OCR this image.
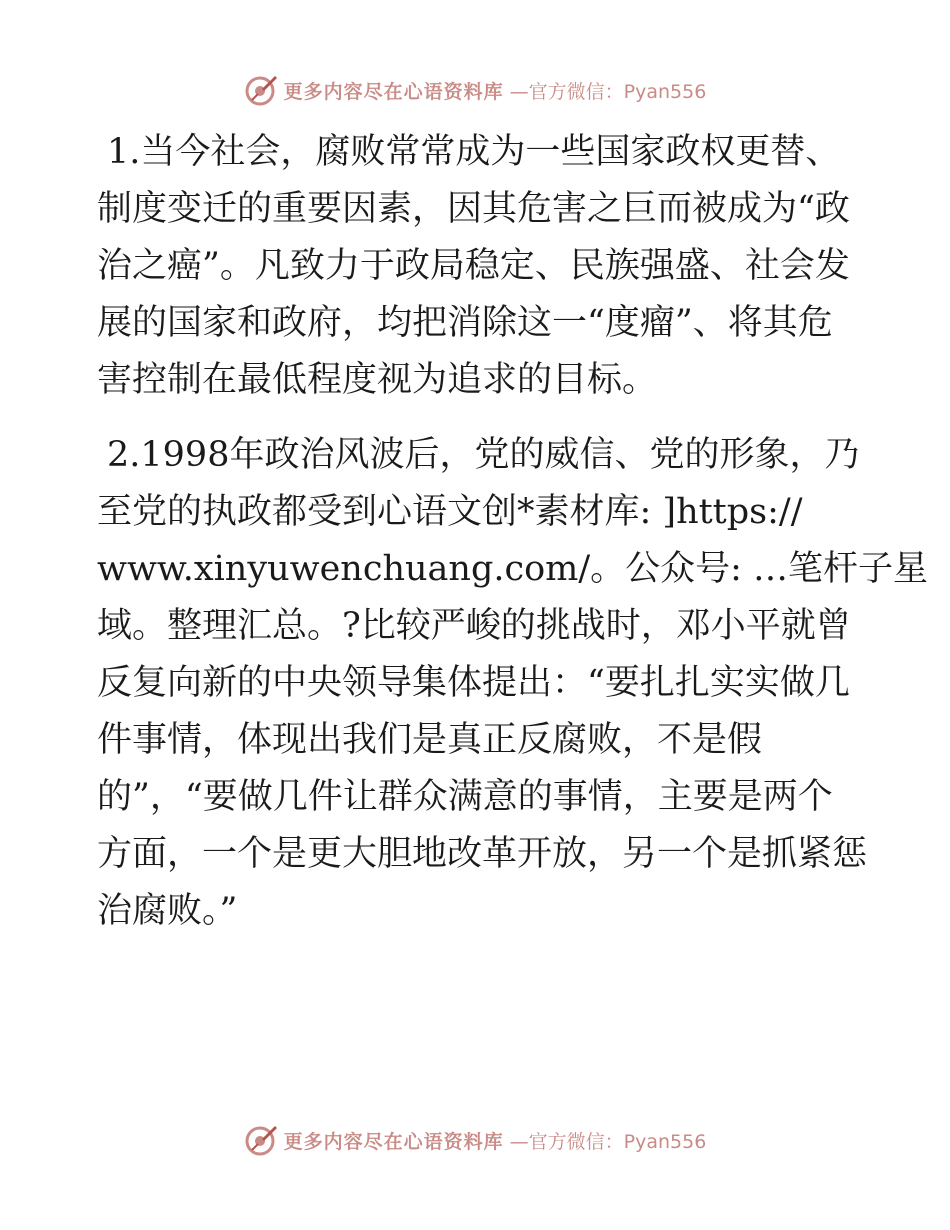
更多内容尽在心语资料库 —官方微信：Pyan556

1.当今社会，腐败常常成为一些国家政权更替、
制度变迁的重要因素，因其危害之巨而被成为“政
治之癌”。凡致力于政局稳定、民族强盛、社会发
展的国家和政府，均把消除这一“度瘤”、将其危
害控制在最低程度视为追求的目标。

2.1998年政治风波后，党的威信、党的形象，乃
至党的执政都受到心语文创*素材库: ]https://
www.xinyuwenchuang.com/。公众号: …笔杆子星
域。整理汇总。?比较严峻的挑战时，邓小平就曾
反复向新的中央领导集体提出：“要扎扎实实做几
件事情，体现出我们是真正反腐败，不是假
的”，“要做几件让群众满意的事情，主要是两个
方面，一个是更大胆地改革开放，另一个是抓紧惩
治腐败。”

更多内容尽在心语资料库 —官方微信：Pyan556
